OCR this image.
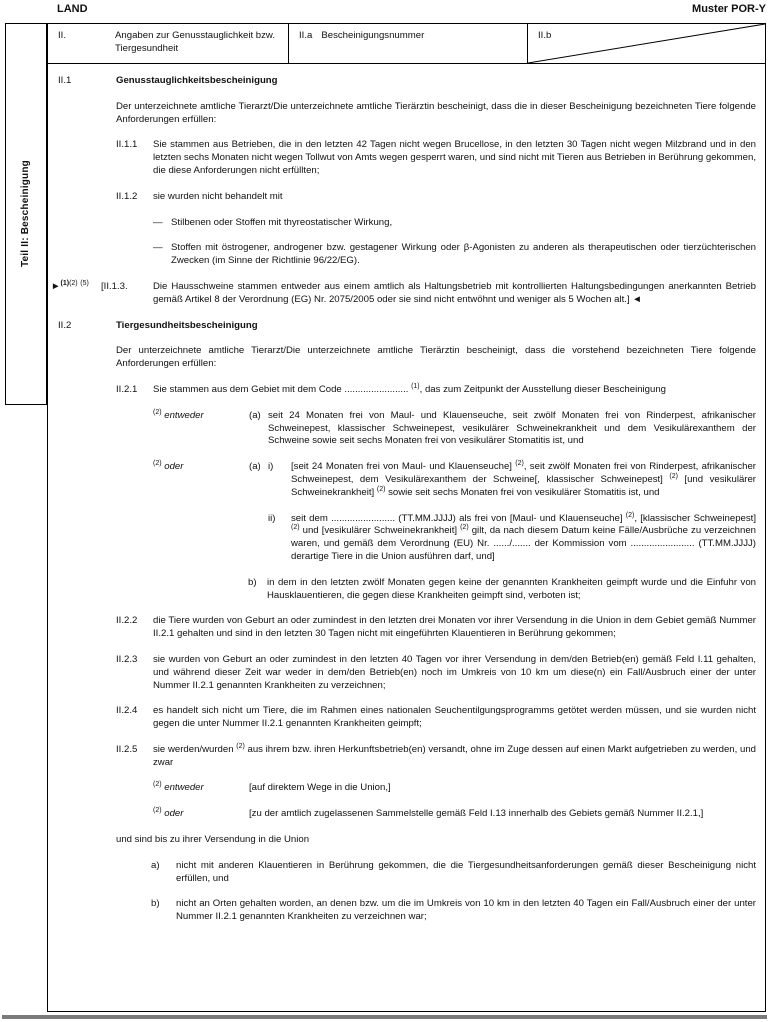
LAND	Muster POR-Y
Teil II: Bescheinigung
II.	Angaben zur Genusstauglichkeit bzw. Tiergesundheit
II.a Bescheinigungsnummer	II.b
II.1	Genusstauglichkeitsbescheinigung
Der unterzeichnete amtliche Tierarzt/Die unterzeichnete amtliche Tierärztin bescheinigt, dass die in dieser Bescheinigung bezeichneten Tiere folgende Anforderungen erfüllen:
II.1.1	Sie stammen aus Betrieben, die in den letzten 42 Tagen nicht wegen Brucellose, in den letzten 30 Tagen nicht wegen Milzbrand und in den letzten sechs Monaten nicht wegen Tollwut von Amts wegen gesperrt waren, und sind nicht mit Tieren aus Betrieben in Berührung gekommen, die diese Anforderungen nicht erfüllten;
II.1.2	sie wurden nicht behandelt mit
— Stilbenen oder Stoffen mit thyreostatischer Wirkung,
— Stoffen mit östrogener, androgener bzw. gestagener Wirkung oder β-Agonisten zu anderen als therapeutischen oder tierzüchterischen Zwecken (im Sinne der Richtlinie 96/22/EG).
►$^{(1)(2)}$ $^{(5)}$	[II.1.3.	Die Hausschweine stammen entweder aus einem amtlich als Haltungsbetrieb mit kontrollierten Haltungsbedingungen anerkannten Betrieb gemäß Artikel 8 der Verordnung (EG) Nr. 2075/2005 oder sie sind nicht entwöhnt und weniger als 5 Wochen alt.] ◄
II.2	Tiergesundheitsbescheinigung
Der unterzeichnete amtliche Tierarzt/Die unterzeichnete amtliche Tierärztin bescheinigt, dass die vorstehend bezeichneten Tiere folgende Anforderungen erfüllen:
II.2.1	Sie stammen aus dem Gebiet mit dem Code ........................ $^{(1)}$, das zum Zeitpunkt der Ausstellung dieser Bescheinigung
$^{(2)}$ entweder	(a) seit 24 Monaten frei von Maul- und Klauenseuche, seit zwölf Monaten frei von Rinderpest, afrikanischer Schweinepest, klassischer Schweinepest, vesikulärer Schweinekrankheit und dem Vesikulärexanthem der Schweine sowie seit sechs Monaten frei von vesikulärer Stomatitis ist, und
$^{(2)}$ oder	(a) i)	[seit 24 Monaten frei von Maul- und Klauenseuche] $^{(2)}$, seit zwölf Monaten frei von Rinderpest, afrikanischer Schweinepest, dem Vesikulärexanthem der Schweine[, klassischer Schweinepest] $^{(2)}$ [und vesikulärer Schweinekrankheit] $^{(2)}$ sowie seit sechs Monaten frei von vesikulärer Stomatitis ist, und
ii)	seit dem ........................ (TT.MM.JJJJ) als frei von [Maul- und Klauenseuche] $^{(2)}$, [klassischer Schweinepest] $^{(2)}$ und [vesikulärer Schweinekrankheit] $^{(2)}$ gilt, da nach diesem Datum keine Fälle/Ausbrüche zu verzeichnen waren, und gemäß dem Verordnung (EU) Nr. ....../....... der Kommission vom ........................ (TT.MM.JJJJ) derartige Tiere in die Union ausführen darf, und]
b)	in dem in den letzten zwölf Monaten gegen keine der genannten Krankheiten geimpft wurde und die Einfuhr von Hausklauentieren, die gegen diese Krankheiten geimpft sind, verboten ist;
II.2.2	die Tiere wurden von Geburt an oder zumindest in den letzten drei Monaten vor ihrer Versendung in die Union in dem Gebiet gemäß Nummer II.2.1 gehalten und sind in den letzten 30 Tagen nicht mit eingeführten Klauentieren in Berührung gekommen;
II.2.3	sie wurden von Geburt an oder zumindest in den letzten 40 Tagen vor ihrer Versendung in dem/den Betrieb(en) gemäß Feld I.11 gehalten, und während dieser Zeit war weder in dem/den Betrieb(en) noch im Umkreis von 10 km um diese(n) ein Fall/Ausbruch einer der unter Nummer II.2.1 genannten Krankheiten zu verzeichnen;
II.2.4	es handelt sich nicht um Tiere, die im Rahmen eines nationalen Seuchentilgungsprogramms getötet werden müssen, und sie wurden nicht gegen die unter Nummer II.2.1 genannten Krankheiten geimpft;
II.2.5	sie werden/wurden $^{(2)}$ aus ihrem bzw. ihren Herkunftsbetrieb(en) versandt, ohne im Zuge dessen auf einen Markt aufgetrieben zu werden, und zwar
$^{(2)}$ entweder	[auf direktem Wege in die Union,]
$^{(2)}$ oder	[zu der amtlich zugelassenen Sammelstelle gemäß Feld I.13 innerhalb des Gebiets gemäß Nummer II.2.1,]
und sind bis zu ihrer Versendung in die Union
a)	nicht mit anderen Klauentieren in Berührung gekommen, die die Tiergesundheitsanforderungen gemäß dieser Bescheinigung nicht erfüllen, und
b)	nicht an Orten gehalten worden, an denen bzw. um die im Umkreis von 10 km in den letzten 40 Tagen ein Fall/Ausbruch einer der unter Nummer II.2.1 genannten Krankheiten zu verzeichnen war;
